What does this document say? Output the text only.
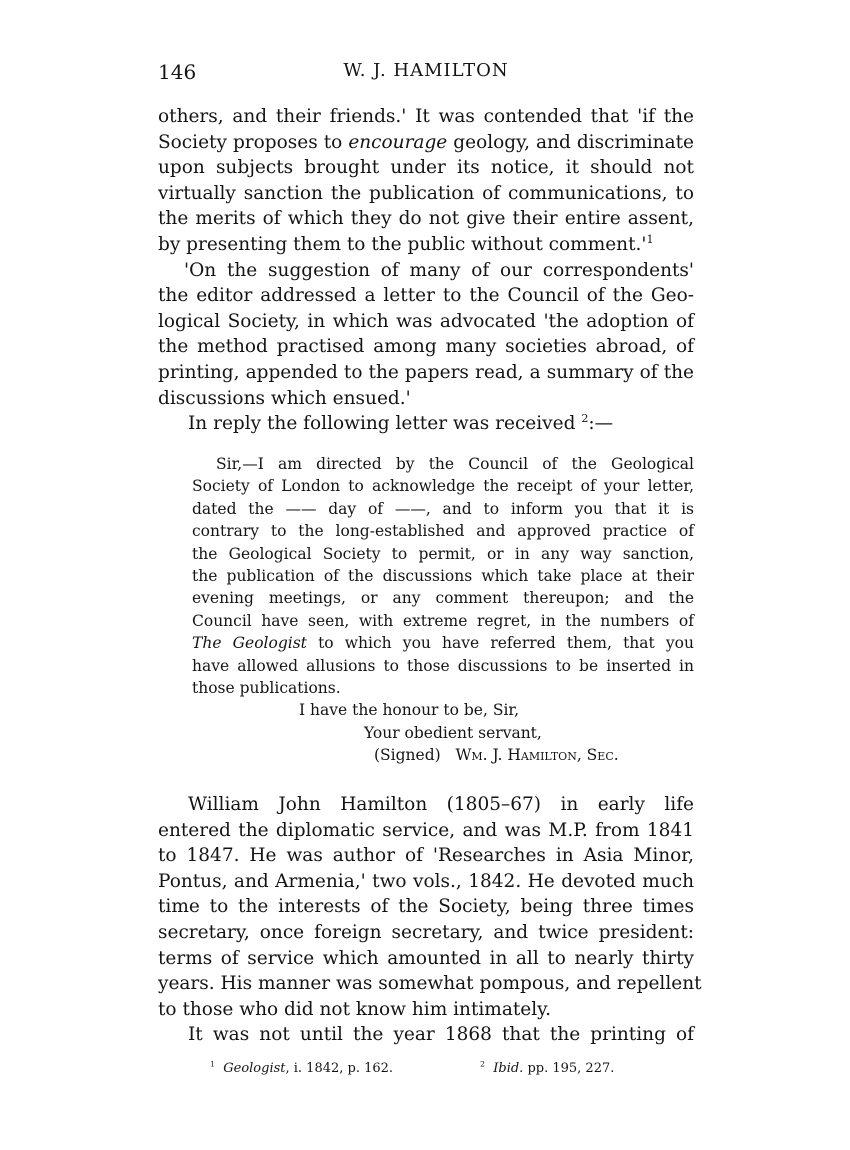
146	W. J. HAMILTON
others, and their friends.' It was contended that 'if the
Society proposes to encourage geology, and discriminate
upon subjects brought under its notice, it should not
virtually sanction the publication of communications, to
the merits of which they do not give their entire assent,
by presenting them to the public without $comment.'^1$
'On the suggestion of many of our correspondents'
the editor addressed a letter to the Council of the Geo-
logical Society, in which was advocated 'the adoption of
the method practised among many societies abroad, of
printing, appended to the papers read, a summary of the
discussions which ensued.'
In reply the following letter was received $^2$:—
Sir,—I am directed by the Council of the Geological
Society of London to acknowledge the receipt of your letter,
dated the —— day of ——, and to inform you that it is
contrary to the long-established and approved practice of
the Geological Society to permit, or in any way sanction,
the publication of the discussions which take place at their
evening meetings, or any comment thereupon; and the
Council have seen, with extreme regret, in the numbers of
The Geologist to which you have referred them, that you
have allowed allusions to those discussions to be inserted in
those publications.
I have the honour to be, Sir,
Your obedient servant,
(Signed) Wm. J. Hamilton, Sec.
William John Hamilton (1805–67) in early life
entered the diplomatic service, and was M.P. from 1841
to 1847. He was author of 'Researches in Asia Minor,
Pontus, and Armenia,' two vols., 1842. He devoted much
time to the interests of the Society, being three times
secretary, once foreign secretary, and twice president:
terms of service which amounted in all to nearly thirty
years. His manner was somewhat pompous, and repellent
to those who did not know him intimately.
It was not until the year 1868 that the printing of
$^1$ Geologist, i. 1842, p. 162.	$^2$ Ibid. pp. 195, 227.
